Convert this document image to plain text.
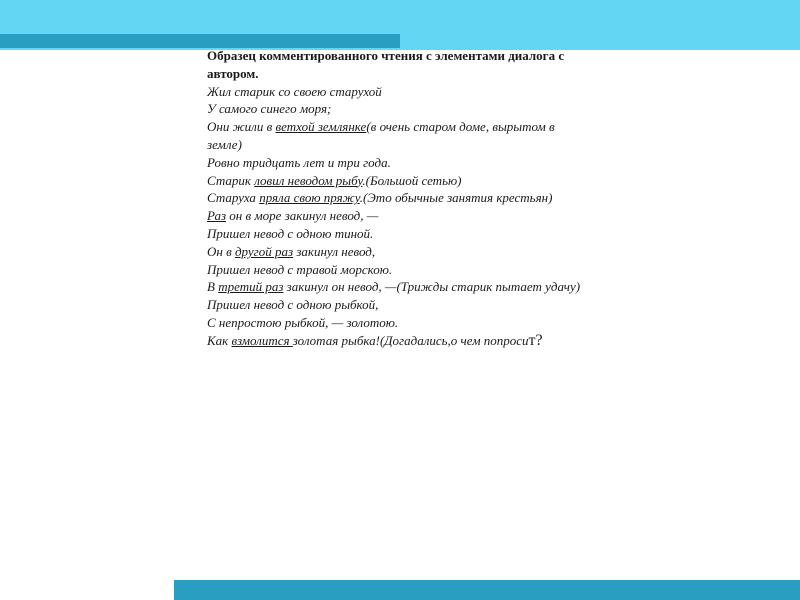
Образец комментированного чтения с элементами диалога с автором.

Жил старик со своею старухой

У самого синего моря;

Они жили в ветхой землянке(в очень старом доме, вырытом в земле)

Ровно тридцать лет и три года.

Старик ловил неводом рыбу.(Большой сетью)

Старуха пряла свою пряжу.(Это обычные занятия крестьян)

Раз он в море закинул невод, —

Пришел невод с одною тиной.

Он в другой раз закинул невод,

Пришел невод с травой морскою.

В третий раз закинул он невод, —(Трижды старик пытает удачу)

Пришел невод с одною рыбкой,

С непростою рыбкой, — золотою.

Как взмолится золотая рыбка!(Догадались,о чем попросит?
